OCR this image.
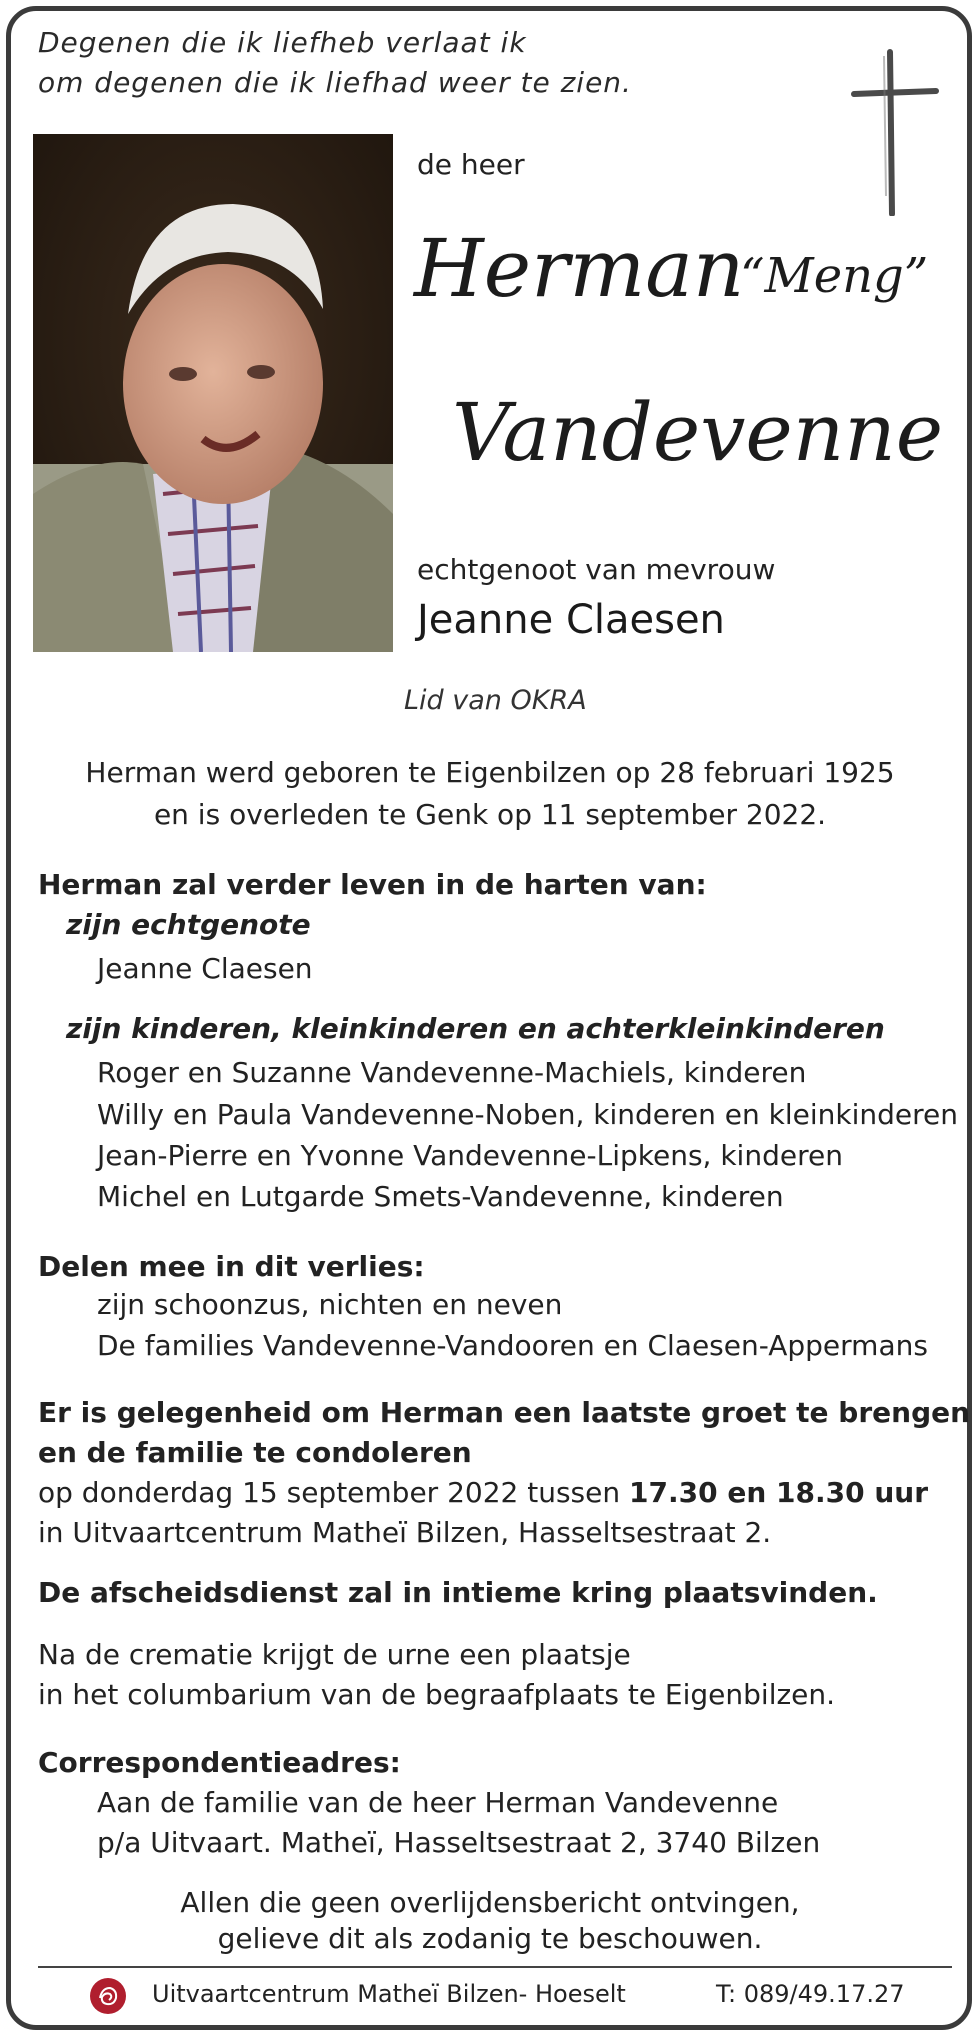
Degenen die ik liefheb verlaat ik
om degenen die ik liefhad weer te zien.
de heer
Herman
“Meng”
Vandevenne
echtgenoot van mevrouw
Jeanne Claesen
Lid van OKRA
Herman werd geboren te Eigenbilzen op 28 februari 1925
en is overleden te Genk op 11 september 2022.
Herman zal verder leven in de harten van:
zijn echtgenote
Jeanne Claesen
zijn kinderen, kleinkinderen en achterkleinkinderen
Roger en Suzanne Vandevenne-Machiels, kinderen
Willy en Paula Vandevenne-Noben, kinderen en kleinkinderen
Jean-Pierre en Yvonne Vandevenne-Lipkens, kinderen
Michel en Lutgarde Smets-Vandevenne, kinderen
Delen mee in dit verlies:
zijn schoonzus, nichten en neven
De families Vandevenne-Vandooren en Claesen-Appermans
Er is gelegenheid om Herman een laatste groet te brengen
en de familie te condoleren
op donderdag 15 september 2022 tussen 17.30 en 18.30 uur
in Uitvaartcentrum Matheï Bilzen, Hasseltsestraat 2.
De afscheidsdienst zal in intieme kring plaatsvinden.
Na de crematie krijgt de urne een plaatsje
in het columbarium van de begraafplaats te Eigenbilzen.
Correspondentieadres:
Aan de familie van de heer Herman Vandevenne
p/a Uitvaart. Matheï, Hasseltsestraat 2, 3740 Bilzen
Allen die geen overlijdensbericht ontvingen,
gelieve dit als zodanig te beschouwen.
Uitvaartcentrum Matheï Bilzen- Hoeselt	T: 089/49.17.27
